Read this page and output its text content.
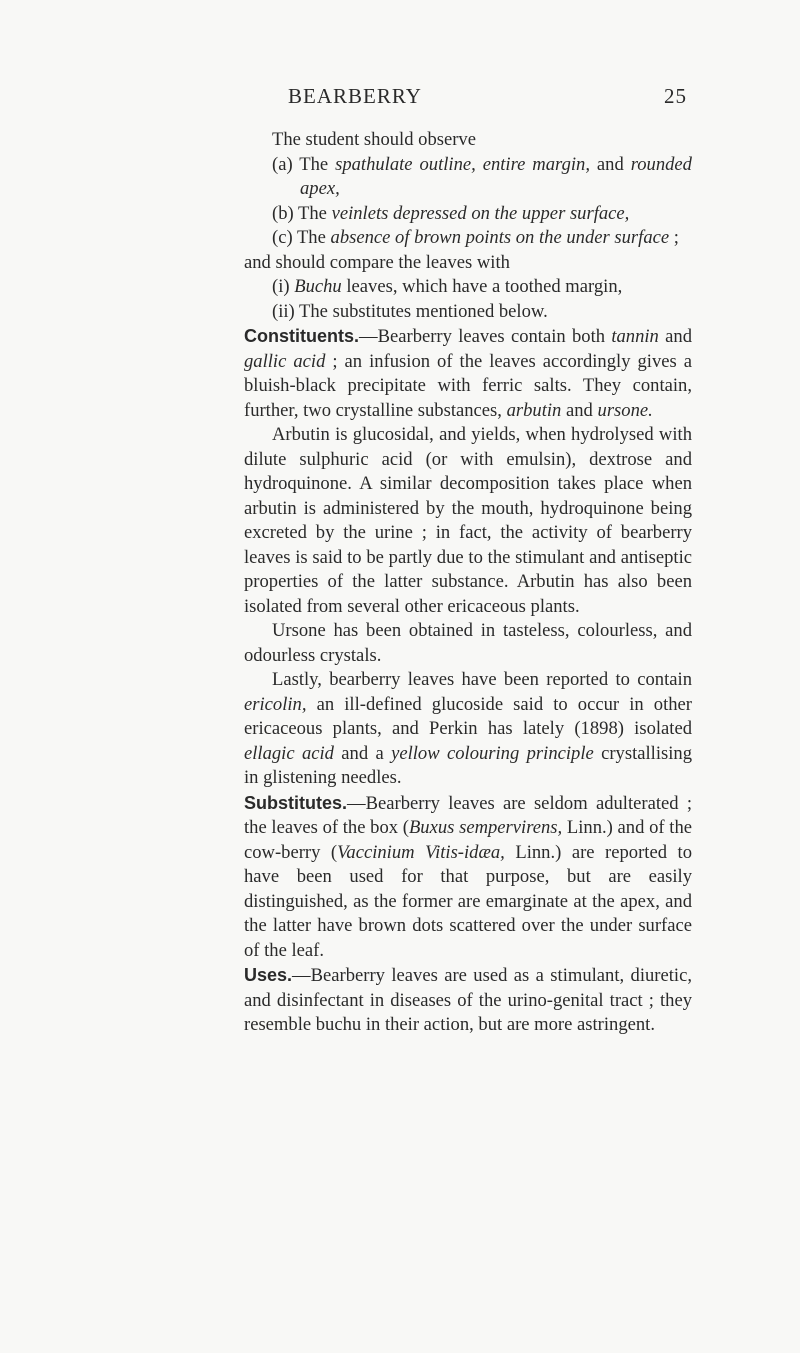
BEARBERRY	25

The student should observe

(a) The spathulate outline, entire margin, and rounded apex,

(b) The veinlets depressed on the upper surface,

(c) The absence of brown points on the under surface ;

and should compare the leaves with

(i) Buchu leaves, which have a toothed margin,

(ii) The substitutes mentioned below.

Constituents.—Bearberry leaves contain both tannin and gallic acid ; an infusion of the leaves accordingly gives a bluish-black precipitate with ferric salts. They contain, further, two crystalline substances, arbutin and ursone.

Arbutin is glucosidal, and yields, when hydrolysed with dilute sulphuric acid (or with emulsin), dextrose and hydroquinone. A similar decomposition takes place when arbutin is administered by the mouth, hydroquinone being excreted by the urine ; in fact, the activity of bearberry leaves is said to be partly due to the stimulant and antiseptic properties of the latter substance. Arbutin has also been isolated from several other ericaceous plants.

Ursone has been obtained in tasteless, colourless, and odourless crystals.

Lastly, bearberry leaves have been reported to contain ericolin, an ill-defined glucoside said to occur in other ericaceous plants, and Perkin has lately (1898) isolated ellagic acid and a yellow colouring principle crystallising in glistening needles.

Substitutes.—Bearberry leaves are seldom adulterated ; the leaves of the box (Buxus sempervirens, Linn.) and of the cow-berry (Vaccinium Vitis-idæa, Linn.) are reported to have been used for that purpose, but are easily distinguished, as the former are emarginate at the apex, and the latter have brown dots scattered over the under surface of the leaf.

Uses.—Bearberry leaves are used as a stimulant, diuretic, and disinfectant in diseases of the urino-genital tract ; they resemble buchu in their action, but are more astringent.
